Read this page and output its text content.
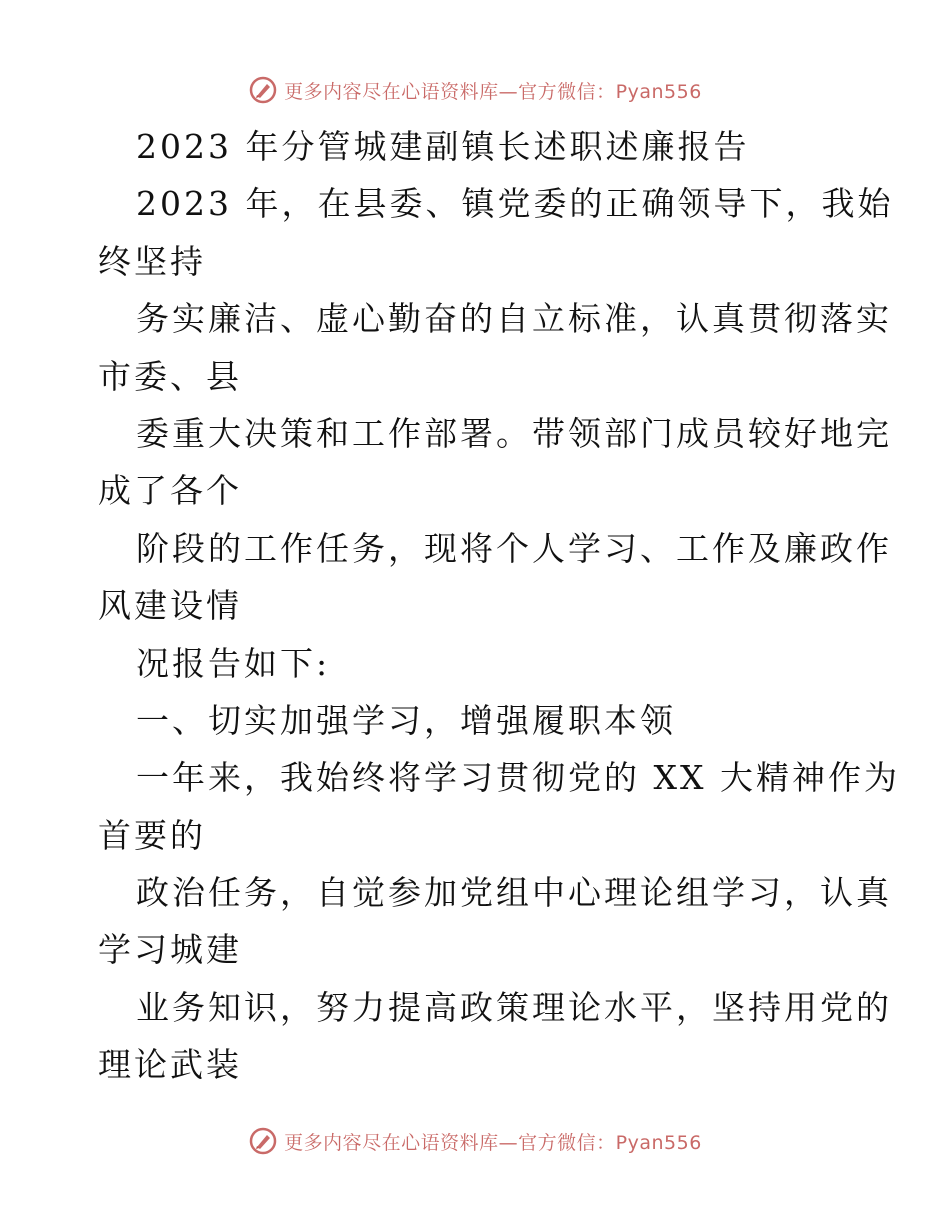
更多内容尽在心语资料库—官方微信：Pyan556
2023 年分管城建副镇长述职述廉报告
2023 年，在县委、镇党委的正确领导下，我始
终坚持
务实廉洁、虚心勤奋的自立标准，认真贯彻落实
市委、县
委重大决策和工作部署。带领部门成员较好地完
成了各个
阶段的工作任务，现将个人学习、工作及廉政作
风建设情
况报告如下:
一、切实加强学习，增强履职本领
一年来，我始终将学习贯彻党的 XX 大精神作为
首要的
政治任务，自觉参加党组中心理论组学习，认真
学习城建
业务知识，努力提高政策理论水平，坚持用党的
理论武装
更多内容尽在心语资料库—官方微信：Pyan556
